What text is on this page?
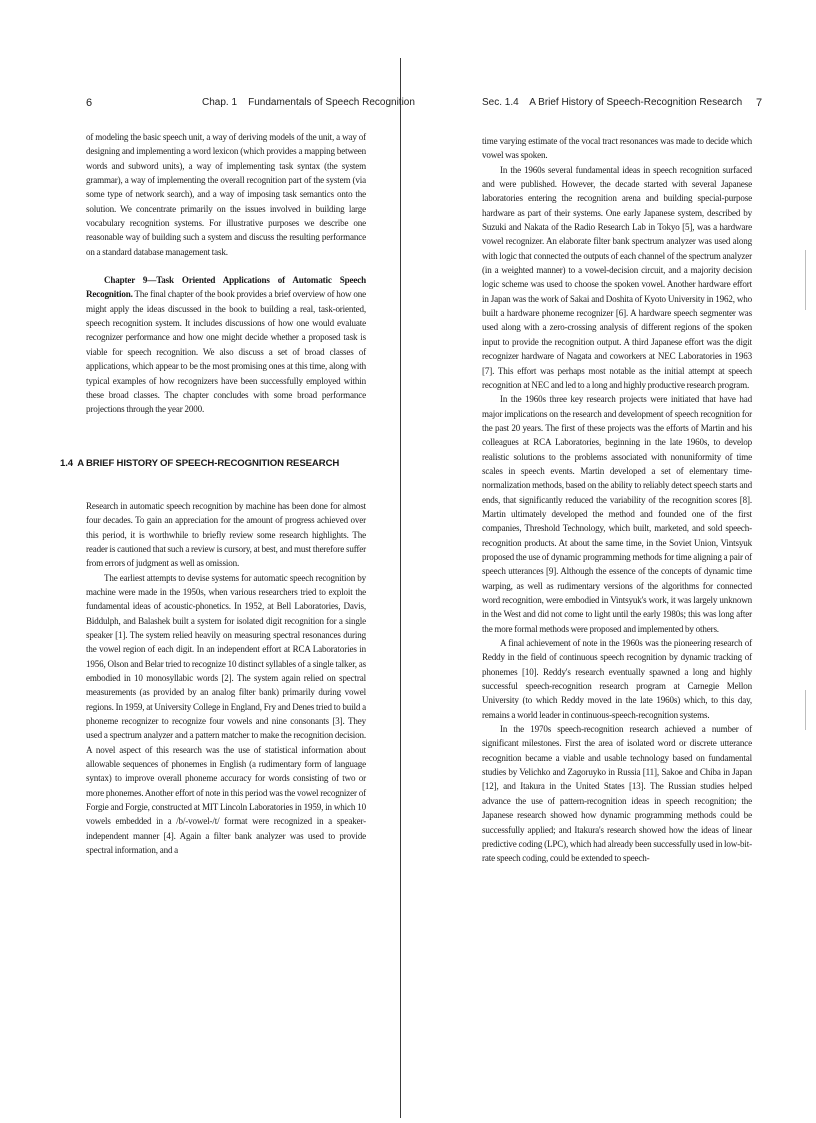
6	Chap. 1    Fundamentals of Speech Recognition

of modeling the basic speech unit, a way of deriving models of the unit, a way of designing and implementing a word lexicon (which provides a mapping between words and subword units), a way of implementing task syntax (the system grammar), a way of implementing the overall recognition part of the system (via some type of network search), and a way of imposing task semantics onto the solution. We concentrate primarily on the issues involved in building large vocabulary recognition systems. For illustrative purposes we describe one reasonable way of building such a system and discuss the resulting performance on a standard database management task.

Chapter 9—Task Oriented Applications of Automatic Speech Recognition. The final chapter of the book provides a brief overview of how one might apply the ideas discussed in the book to building a real, task-oriented, speech recognition system. It includes discussions of how one would evaluate recognizer performance and how one might decide whether a proposed task is viable for speech recognition. We also discuss a set of broad classes of applications, which appear to be the most promising ones at this time, along with typical examples of how recognizers have been successfully employed within these broad classes. The chapter concludes with some broad performance projections through the year 2000.

1.4  A BRIEF HISTORY OF SPEECH-RECOGNITION RESEARCH

Research in automatic speech recognition by machine has been done for almost four decades. To gain an appreciation for the amount of progress achieved over this period, it is worthwhile to briefly review some research highlights. The reader is cautioned that such a review is cursory, at best, and must therefore suffer from errors of judgment as well as omission.

The earliest attempts to devise systems for automatic speech recognition by machine were made in the 1950s, when various researchers tried to exploit the fundamental ideas of acoustic-phonetics. In 1952, at Bell Laboratories, Davis, Biddulph, and Balashek built a system for isolated digit recognition for a single speaker [1]. The system relied heavily on measuring spectral resonances during the vowel region of each digit. In an independent effort at RCA Laboratories in 1956, Olson and Belar tried to recognize 10 distinct syllables of a single talker, as embodied in 10 monosyllabic words [2]. The system again relied on spectral measurements (as provided by an analog filter bank) primarily during vowel regions. In 1959, at University College in England, Fry and Denes tried to build a phoneme recognizer to recognize four vowels and nine consonants [3]. They used a spectrum analyzer and a pattern matcher to make the recognition decision. A novel aspect of this research was the use of statistical information about allowable sequences of phonemes in English (a rudimentary form of language syntax) to improve overall phoneme accuracy for words consisting of two or more phonemes. Another effort of note in this period was the vowel recognizer of Forgie and Forgie, constructed at MIT Lincoln Laboratories in 1959, in which 10 vowels embedded in a /b/-vowel-/t/ format were recognized in a speaker-independent manner [4]. Again a filter bank analyzer was used to provide spectral information, and a

Sec. 1.4    A Brief History of Speech-Recognition Research 7

time varying estimate of the vocal tract resonances was made to decide which vowel was spoken.

In the 1960s several fundamental ideas in speech recognition surfaced and were published. However, the decade started with several Japanese laboratories entering the recognition arena and building special-purpose hardware as part of their systems. One early Japanese system, described by Suzuki and Nakata of the Radio Research Lab in Tokyo [5], was a hardware vowel recognizer. An elaborate filter bank spectrum analyzer was used along with logic that connected the outputs of each channel of the spectrum analyzer (in a weighted manner) to a vowel-decision circuit, and a majority decision logic scheme was used to choose the spoken vowel. Another hardware effort in Japan was the work of Sakai and Doshita of Kyoto University in 1962, who built a hardware phoneme recognizer [6]. A hardware speech segmenter was used along with a zero-crossing analysis of different regions of the spoken input to provide the recognition output. A third Japanese effort was the digit recognizer hardware of Nagata and coworkers at NEC Laboratories in 1963 [7]. This effort was perhaps most notable as the initial attempt at speech recognition at NEC and led to a long and highly productive research program.

In the 1960s three key research projects were initiated that have had major implications on the research and development of speech recognition for the past 20 years. The first of these projects was the efforts of Martin and his colleagues at RCA Laboratories, beginning in the late 1960s, to develop realistic solutions to the problems associated with nonuniformity of time scales in speech events. Martin developed a set of elementary time-normalization methods, based on the ability to reliably detect speech starts and ends, that significantly reduced the variability of the recognition scores [8]. Martin ultimately developed the method and founded one of the first companies, Threshold Technology, which built, marketed, and sold speech-recognition products. At about the same time, in the Soviet Union, Vintsyuk proposed the use of dynamic programming methods for time aligning a pair of speech utterances [9]. Although the essence of the concepts of dynamic time warping, as well as rudimentary versions of the algorithms for connected word recognition, were embodied in Vintsyuk's work, it was largely unknown in the West and did not come to light until the early 1980s; this was long after the more formal methods were proposed and implemented by others.

A final achievement of note in the 1960s was the pioneering research of Reddy in the field of continuous speech recognition by dynamic tracking of phonemes [10]. Reddy's research eventually spawned a long and highly successful speech-recognition research program at Carnegie Mellon University (to which Reddy moved in the late 1960s) which, to this day, remains a world leader in continuous-speech-recognition systems.

In the 1970s speech-recognition research achieved a number of significant milestones. First the area of isolated word or discrete utterance recognition became a viable and usable technology based on fundamental studies by Velichko and Zagoruyko in Russia [11], Sakoe and Chiba in Japan [12], and Itakura in the United States [13]. The Russian studies helped advance the use of pattern-recognition ideas in speech recognition; the Japanese research showed how dynamic programming methods could be successfully applied; and Itakura's research showed how the ideas of linear predictive coding (LPC), which had already been successfully used in low-bit-rate speech coding, could be extended to speech-
